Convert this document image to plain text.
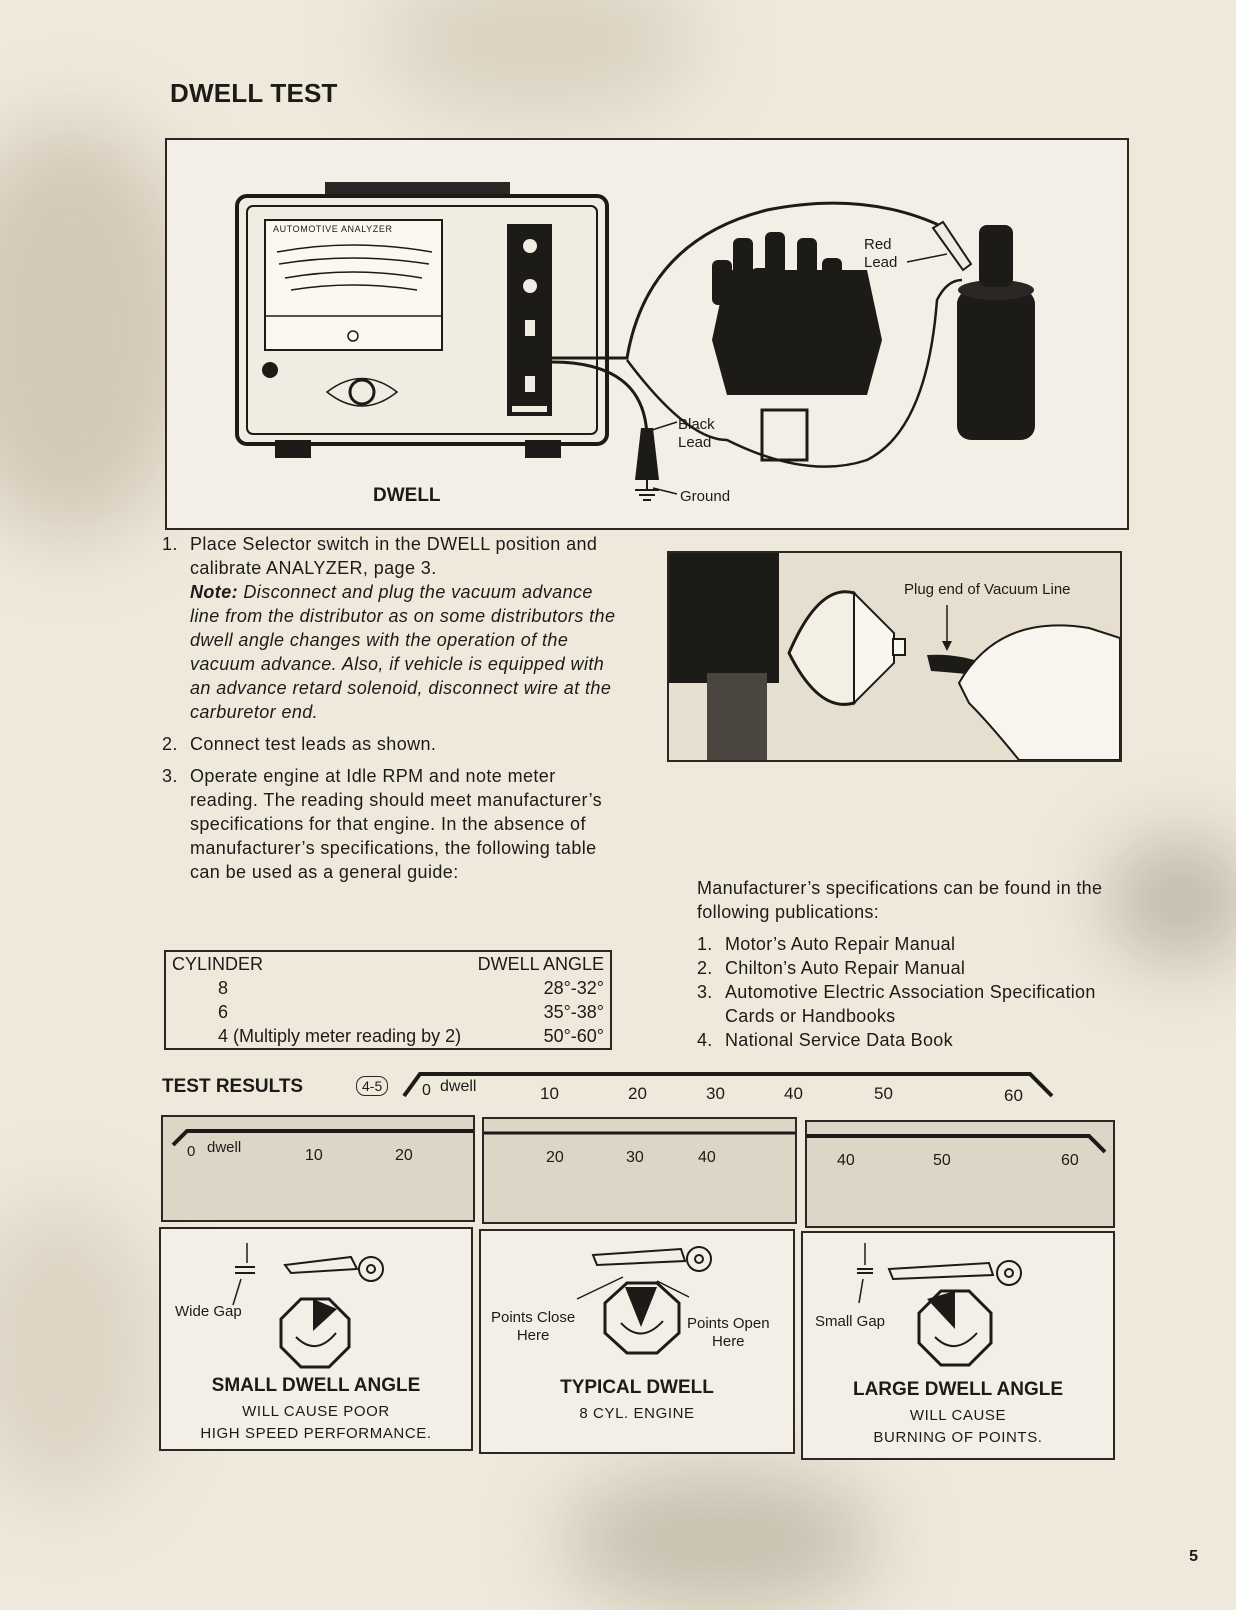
DWELL TEST
AUTOMOTIVE ANALYZER
Red
Lead
Black
Lead
Ground
DWELL
Plug end of Vacuum Line
1. Place Selector switch in the DWELL position and calibrate ANALYZER, page 3.
Note: Disconnect and plug the vacuum advance line from the distributor as on some distributors the dwell angle changes with the operation of the vacuum advance. Also, if vehicle is equipped with an advance retard solenoid, disconnect wire at the carburetor end.
2. Connect test leads as shown.
3. Operate engine at Idle RPM and note meter reading. The reading should meet manufacturer’s specifications for that engine. In the absence of manufacturer’s specifications, the following table can be used as a general guide:
CYLINDER	DWELL ANGLE
8	28°-32°
6	35°-38°
4 (Multiply meter reading by 2)	50°-60°
Manufacturer’s specifications can be found in the following publications:
1. Motor’s Auto Repair Manual
2. Chilton’s Auto Repair Manual
3. Automotive Electric Association Specification Cards or Handbooks
4. National Service Data Book
TEST RESULTS	4-5	0 dwell	10	20	30	40	50	60
0 dwell	10	20	20	30	40	40	50	60
Wide Gap
SMALL DWELL ANGLE
WILL CAUSE POOR
HIGH SPEED PERFORMANCE.
Points Close
Here
Points Open
Here
TYPICAL DWELL
8 CYL. ENGINE
Small Gap
LARGE DWELL ANGLE
WILL CAUSE
BURNING OF POINTS.
5
